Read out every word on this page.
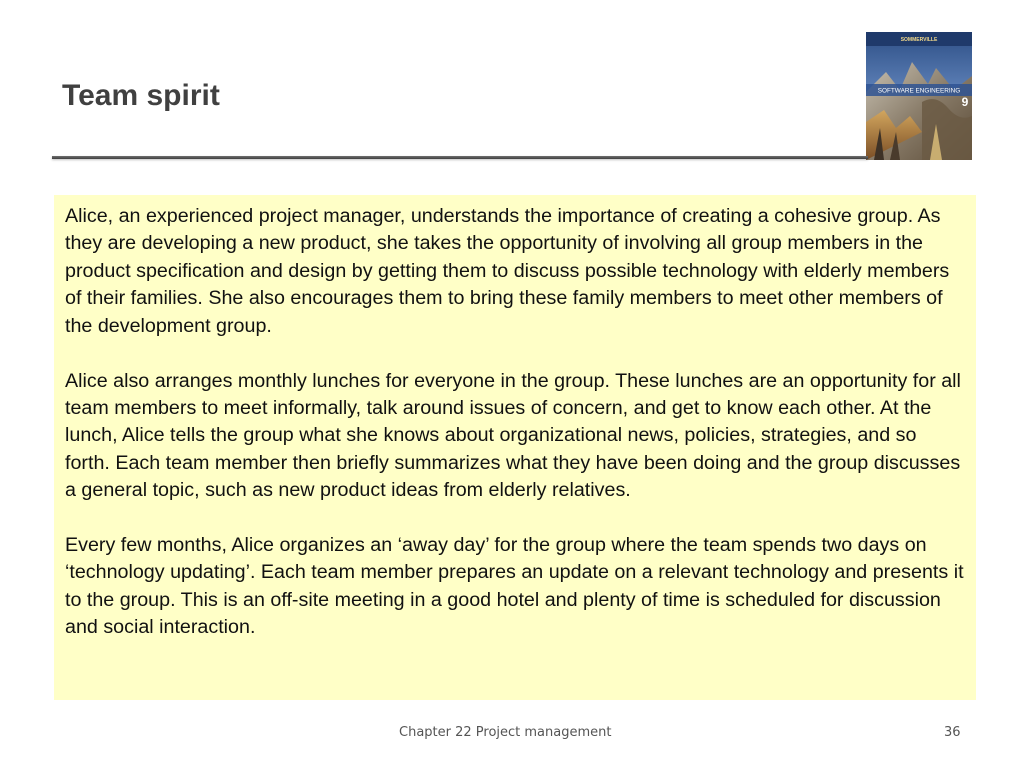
Team spirit
SOMMERVILLE
SOFTWARE ENGINEERING
9

Alice, an experienced project manager, understands the importance of creating a cohesive group. As they are developing a new product, she takes the opportunity of involving all group members in the product specification and design by getting them to discuss possible technology with elderly members of their families. She also encourages them to bring these family members to meet other members of the development group.

Alice also arranges monthly lunches for everyone in the group. These lunches are an opportunity for all team members to meet informally, talk around issues of concern, and get to know each other. At the lunch, Alice tells the group what she knows about organizational news, policies, strategies, and so forth. Each team member then briefly summarizes what they have been doing and the group discusses a general topic, such as new product ideas from elderly relatives.

Every few months, Alice organizes an ‘away day’ for the group where the team spends two days on ‘technology updating’. Each team member prepares an update on a relevant technology and presents it to the group. This is an off-site meeting in a good hotel and plenty of time is scheduled for discussion and social interaction.

Chapter 22 Project management	36
